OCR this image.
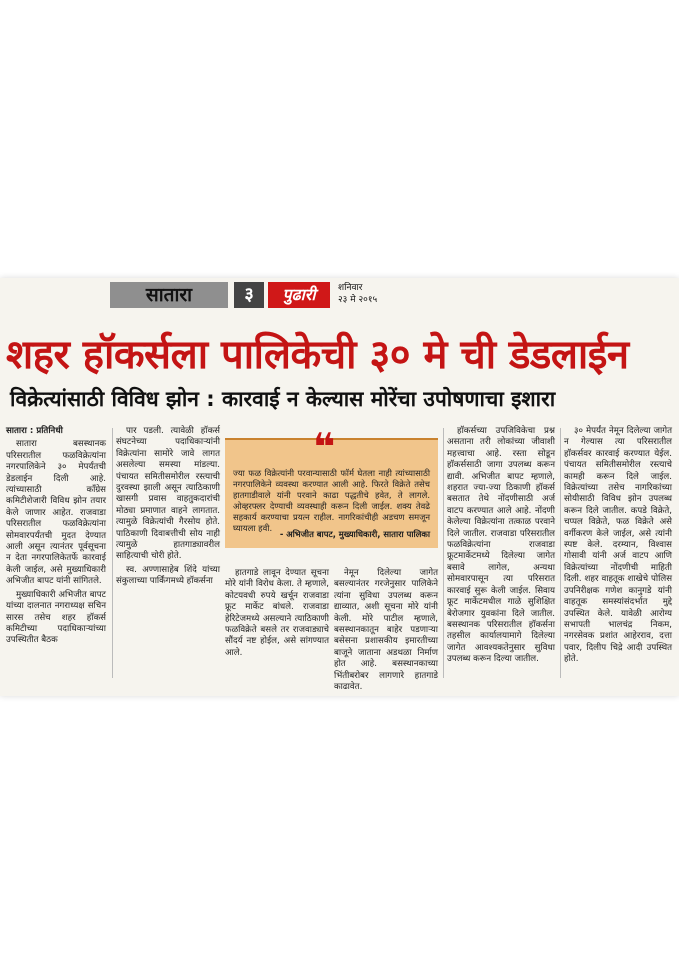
सातारा	३	पुढारी	शनिवार
२३ मे २०१५
शहर हॉकर्सला पालिकेची ३० मे ची डेडलाईन
विक्रेत्यांसाठी विविध झोन : कारवाई न केल्यास मोरेंचा उपोषणाचा इशारा

सातारा : प्रतिनिधी

सातारा बसस्थानक परिसरातील फळविक्रेत्यांना नगरपालिकेने ३० मेपर्यंतची डेडलाईन दिली आहे. त्यांच्यासाठी काँग्रेस कमिटीशेजारी विविध झोन तयार केले जाणार आहेत. राजवाडा परिसरातील फळविक्रेत्यांना सोमवारपर्यंतची मुदत देण्यात आली असून त्यानंतर पूर्वसूचना न देता नगरपालिकेतर्फे कारवाई केली जाईल, असे मुख्याधिकारी अभिजीत बापट यांनी सांगितले.

मुख्याधिकारी अभिजीत बापट यांच्या दालनात नगराध्यक्ष सचिन सारस तसेच शहर हॉकर्स कमिटीच्या पदाधिकाऱ्यांच्या उपस्थितीत बैठक

पार पडली. त्यावेळी हॉकर्स संघटनेच्या पदाधिकाऱ्यांनी विक्रेत्यांना सामोरे जावे लागत असलेल्या समस्या मांडल्या. पंचायत समितीसमोरील रस्त्याची दुरवस्था झाली असून त्याठिकाणी खासगी प्रवास वाहतुकदारांची मोठ्या प्रमाणात वाहने लागतात. त्यामुळे विक्रेत्यांची गैरसोय होते. पाठिकाणी दिवाबत्तीची सोय नाही त्यामुळे हातगाड्यावरील साहित्याची चोरी होते.

स्व. अण्णासाहेब शिंदे यांच्या संकुलाच्या पार्किंगमध्ये हॉकर्सना

❝
ज्या फळ विक्रेत्यांनी परवान्यासाठी फॉर्म घेतला नाही त्यांच्यासाठी नगरपालिकेने व्यवस्था करण्यात आली आहे. फिरते विक्रेते तसेच हातगाडीवाले यांनी परवाने काढा पद्धतीचे हवेत, ते लागले. ओव्हरफ्लर देण्याची व्यवस्थाही करून दिली जाईल. शक्य तेवढे सहकार्य करण्याचा प्रयत्न राहील. नागरिकांचीही अडचण समजून घ्यायला हवी.
- अभिजीत बापट, मुख्याधिकारी, सातारा पालिका

हातगाडे लावून देण्यात सूचना मोरे यांनी विरोध केला. ते म्हणाले, कोटयवधी रुपये खर्चून राजवाडा फ्रूट मार्केट बांधले. राजवाडा हेरिटेजमध्ये असल्याने त्याठिकाणी फळविक्रेते बसले तर राजवाड्याचे सौंदर्य नष्ट होईल, असे सांगण्यात आले.

नेमून दिलेल्या जागेत बसल्यानंतर गरजेनुसार पालिकेने त्यांना सुविधा उपलब्ध करून द्याव्यात, अशी सूचना मोरे यांनी केली. मोरे पाटील म्हणाले, बसस्थानकातून बाहेर पडणाऱ्या बसेसना प्रशासकीय इमारतीच्या बाजूने जाताना अडथळा निर्माण होत आहे. बसस्थानकाच्या भिंतीबरोबर लागणारे हातगाडे काढावेत.

हॉकर्सच्या उपजिविकेचा प्रश्न असताना तरी लोकांच्या जीवाशी महत्त्वाचा आहे. रस्ता सोडून हॉकर्ससाठी जागा उपलब्ध करून द्यावी. अभिजीत बापट म्हणाले, शहरात ज्या-ज्या ठिकाणी हॉकर्स बसतात तेथे नोंदणीसाठी अर्ज वाटप करण्यात आले आहे. नोंदणी केलेल्या विक्रेत्यांना तत्काळ परवाने दिले जातील. राजवाडा परिसरातील फळविक्रेत्यांना राजवाडा फ्रूटमार्केटमध्ये दिलेल्या जागेत बसावे लागेल, अन्यथा सोमवारपासून त्या परिसरात कारवाई सुरू केली जाईल. सिवाय फ्रूट मार्केटमधील गाळे सुशिक्षित बेरोजगार युवकांना दिले जातील. बसस्थानक परिसरातील हॉकर्सना तहसील कार्यालयामागे दिलेल्या जागेत आवश्यकतेनुसार सुविधा उपलब्ध करून दिल्या जातील.

३० मेपर्यंत नेमून दिलेल्या जागेत न गेल्यास त्या परिसरातील हॉकर्सवर कारवाई करण्यात येईल. पंचायत समितीसमोरील रस्त्याचे कामही करून दिले जाईल. विक्रेत्यांच्या तसेच नागरिकांच्या सोयीसाठी विविध झोन उपलब्ध करून दिले जातील. कपडे विक्रेते, चप्पल विक्रेते, फळ विक्रेते असे वर्गीकरण केले जाईल, असे त्यांनी स्पष्ट केले. दरम्यान, विश्वास गोसावी यांनी अर्ज वाटप आणि विक्रेत्यांच्या नोंदणीची माहिती दिली. शहर वाहतूक शाखेचे पोलिस उपनिरीक्षक गणेश कानुगडे यांनी वाहतूक समस्यांसंदर्भात मुद्दे उपस्थित केले. यावेळी आरोग्य सभापती भालचंद्र निकम, नगरसेवक प्रशांत आहेरराव, दत्ता पवार, दिलीप चिद्रे आदी उपस्थित होते.
